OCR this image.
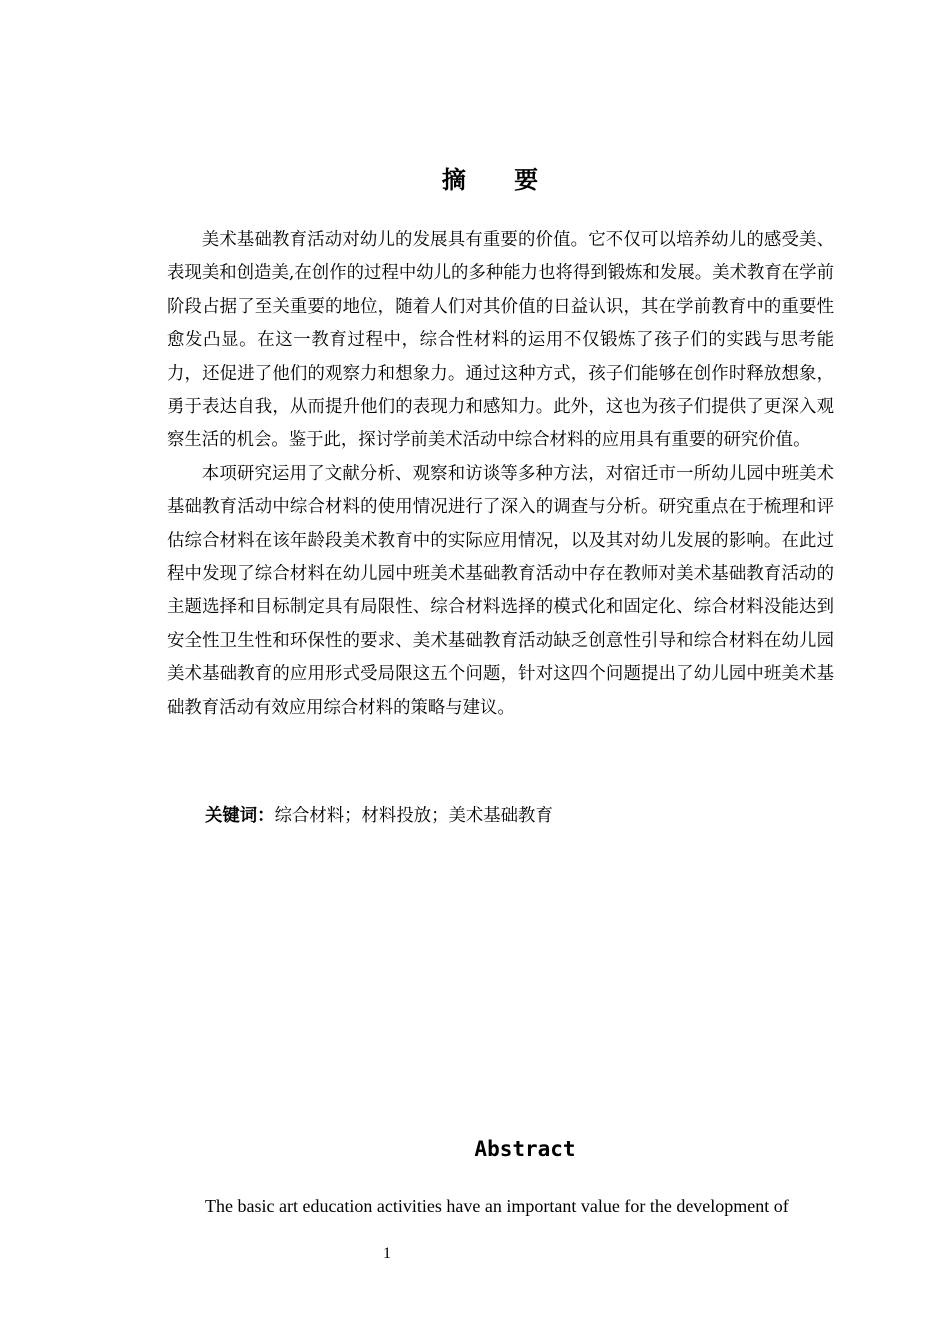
摘 要

美术基础教育活动对幼儿的发展具有重要的价值。它不仅可以培养幼儿的感受美、表现美和创造美,在创作的过程中幼儿的多种能力也将得到锻炼和发展。美术教育在学前阶段占据了至关重要的地位，随着人们对其价值的日益认识，其在学前教育中的重要性愈发凸显。在这一教育过程中，综合性材料的运用不仅锻炼了孩子们的实践与思考能力，还促进了他们的观察力和想象力。通过这种方式，孩子们能够在创作时释放想象，勇于表达自我，从而提升他们的表现力和感知力。此外，这也为孩子们提供了更深入观察生活的机会。鉴于此，探讨学前美术活动中综合材料的应用具有重要的研究价值。

本项研究运用了文献分析、观察和访谈等多种方法，对宿迁市一所幼儿园中班美术基础教育活动中综合材料的使用情况进行了深入的调查与分析。研究重点在于梳理和评估综合材料在该年龄段美术教育中的实际应用情况，以及其对幼儿发展的影响。在此过程中发现了综合材料在幼儿园中班美术基础教育活动中存在教师对美术基础教育活动的主题选择和目标制定具有局限性、综合材料选择的模式化和固定化、综合材料没能达到安全性卫生性和环保性的要求、美术基础教育活动缺乏创意性引导和综合材料在幼儿园美术基础教育的应用形式受局限这五个问题，针对这四个问题提出了幼儿园中班美术基础教育活动有效应用综合材料的策略与建议。

关键词：综合材料；材料投放；美术基础教育
Abstract

The basic art education activities have an important value for the development of

1
